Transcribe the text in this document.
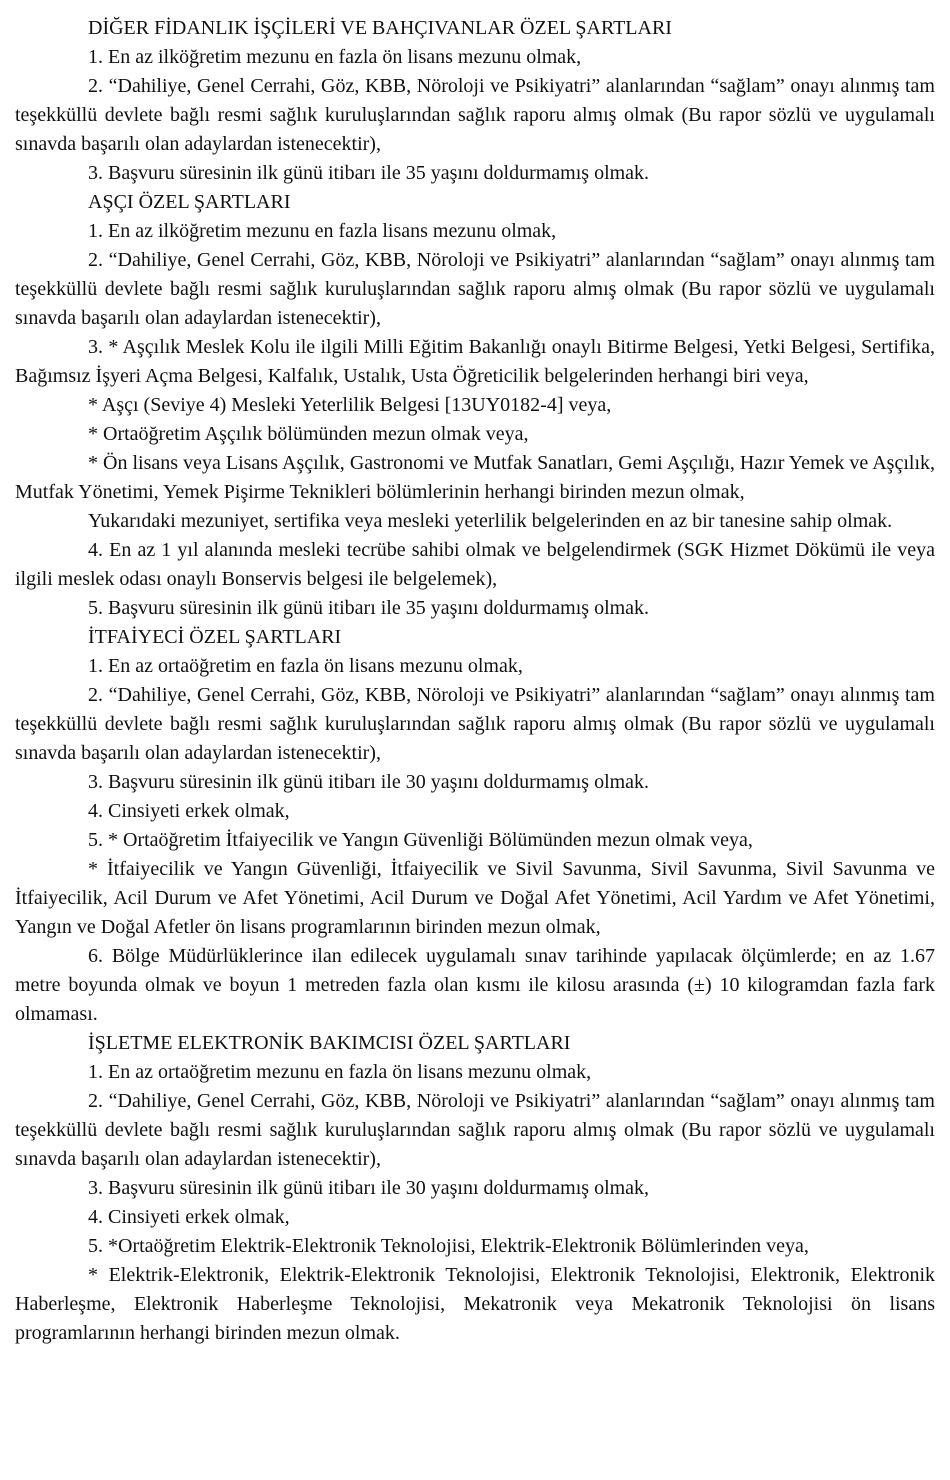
DİĞER FİDANLIK İŞÇİLERİ VE BAHÇIVANLAR ÖZEL ŞARTLARI

1. En az ilköğretim mezunu en fazla ön lisans mezunu olmak,

2. “Dahiliye, Genel Cerrahi, Göz, KBB, Nöroloji ve Psikiyatri” alanlarından “sağlam” onayı alınmış tam teşekküllü devlete bağlı resmi sağlık kuruluşlarından sağlık raporu almış olmak (Bu rapor sözlü ve uygulamalı sınavda başarılı olan adaylardan istenecektir),

3. Başvuru süresinin ilk günü itibarı ile 35 yaşını doldurmamış olmak.

AŞÇI ÖZEL ŞARTLARI

1. En az ilköğretim mezunu en fazla lisans mezunu olmak,

2. “Dahiliye, Genel Cerrahi, Göz, KBB, Nöroloji ve Psikiyatri” alanlarından “sağlam” onayı alınmış tam teşekküllü devlete bağlı resmi sağlık kuruluşlarından sağlık raporu almış olmak (Bu rapor sözlü ve uygulamalı sınavda başarılı olan adaylardan istenecektir),

3. * Aşçılık Meslek Kolu ile ilgili Milli Eğitim Bakanlığı onaylı Bitirme Belgesi, Yetki Belgesi, Sertifika, Bağımsız İşyeri Açma Belgesi, Kalfalık, Ustalık, Usta Öğreticilik belgelerinden herhangi biri veya,

* Aşçı (Seviye 4) Mesleki Yeterlilik Belgesi [13UY0182-4] veya,

* Ortaöğretim Aşçılık bölümünden mezun olmak veya,

* Ön lisans veya Lisans Aşçılık, Gastronomi ve Mutfak Sanatları, Gemi Aşçılığı, Hazır Yemek ve Aşçılık, Mutfak Yönetimi, Yemek Pişirme Teknikleri bölümlerinin herhangi birinden mezun olmak,

Yukarıdaki mezuniyet, sertifika veya mesleki yeterlilik belgelerinden en az bir tanesine sahip olmak.

4. En az 1 yıl alanında mesleki tecrübe sahibi olmak ve belgelendirmek (SGK Hizmet Dökümü ile veya ilgili meslek odası onaylı Bonservis belgesi ile belgelemek),

5. Başvuru süresinin ilk günü itibarı ile 35 yaşını doldurmamış olmak.

İTFAİYECİ ÖZEL ŞARTLARI

1. En az ortaöğretim en fazla ön lisans mezunu olmak,

2. “Dahiliye, Genel Cerrahi, Göz, KBB, Nöroloji ve Psikiyatri” alanlarından “sağlam” onayı alınmış tam teşekküllü devlete bağlı resmi sağlık kuruluşlarından sağlık raporu almış olmak (Bu rapor sözlü ve uygulamalı sınavda başarılı olan adaylardan istenecektir),

3. Başvuru süresinin ilk günü itibarı ile 30 yaşını doldurmamış olmak.

4. Cinsiyeti erkek olmak,

5. * Ortaöğretim İtfaiyecilik ve Yangın Güvenliği Bölümünden mezun olmak veya,

* İtfaiyecilik ve Yangın Güvenliği, İtfaiyecilik ve Sivil Savunma, Sivil Savunma, Sivil Savunma ve İtfaiyecilik, Acil Durum ve Afet Yönetimi, Acil Durum ve Doğal Afet Yönetimi, Acil Yardım ve Afet Yönetimi, Yangın ve Doğal Afetler ön lisans programlarının birinden mezun olmak,

6. Bölge Müdürlüklerince ilan edilecek uygulamalı sınav tarihinde yapılacak ölçümlerde; en az 1.67 metre boyunda olmak ve boyun 1 metreden fazla olan kısmı ile kilosu arasında (±) 10 kilogramdan fazla fark olmaması.

İŞLETME ELEKTRONİK BAKIMCISI ÖZEL ŞARTLARI

1. En az ortaöğretim mezunu en fazla ön lisans mezunu olmak,

2. “Dahiliye, Genel Cerrahi, Göz, KBB, Nöroloji ve Psikiyatri” alanlarından “sağlam” onayı alınmış tam teşekküllü devlete bağlı resmi sağlık kuruluşlarından sağlık raporu almış olmak (Bu rapor sözlü ve uygulamalı sınavda başarılı olan adaylardan istenecektir),

3. Başvuru süresinin ilk günü itibarı ile 30 yaşını doldurmamış olmak,

4. Cinsiyeti erkek olmak,

5. *Ortaöğretim Elektrik-Elektronik Teknolojisi, Elektrik-Elektronik Bölümlerinden veya,

* Elektrik-Elektronik, Elektrik-Elektronik Teknolojisi, Elektronik Teknolojisi, Elektronik, Elektronik Haberleşme, Elektronik Haberleşme Teknolojisi, Mekatronik veya Mekatronik Teknolojisi ön lisans programlarının herhangi birinden mezun olmak.
